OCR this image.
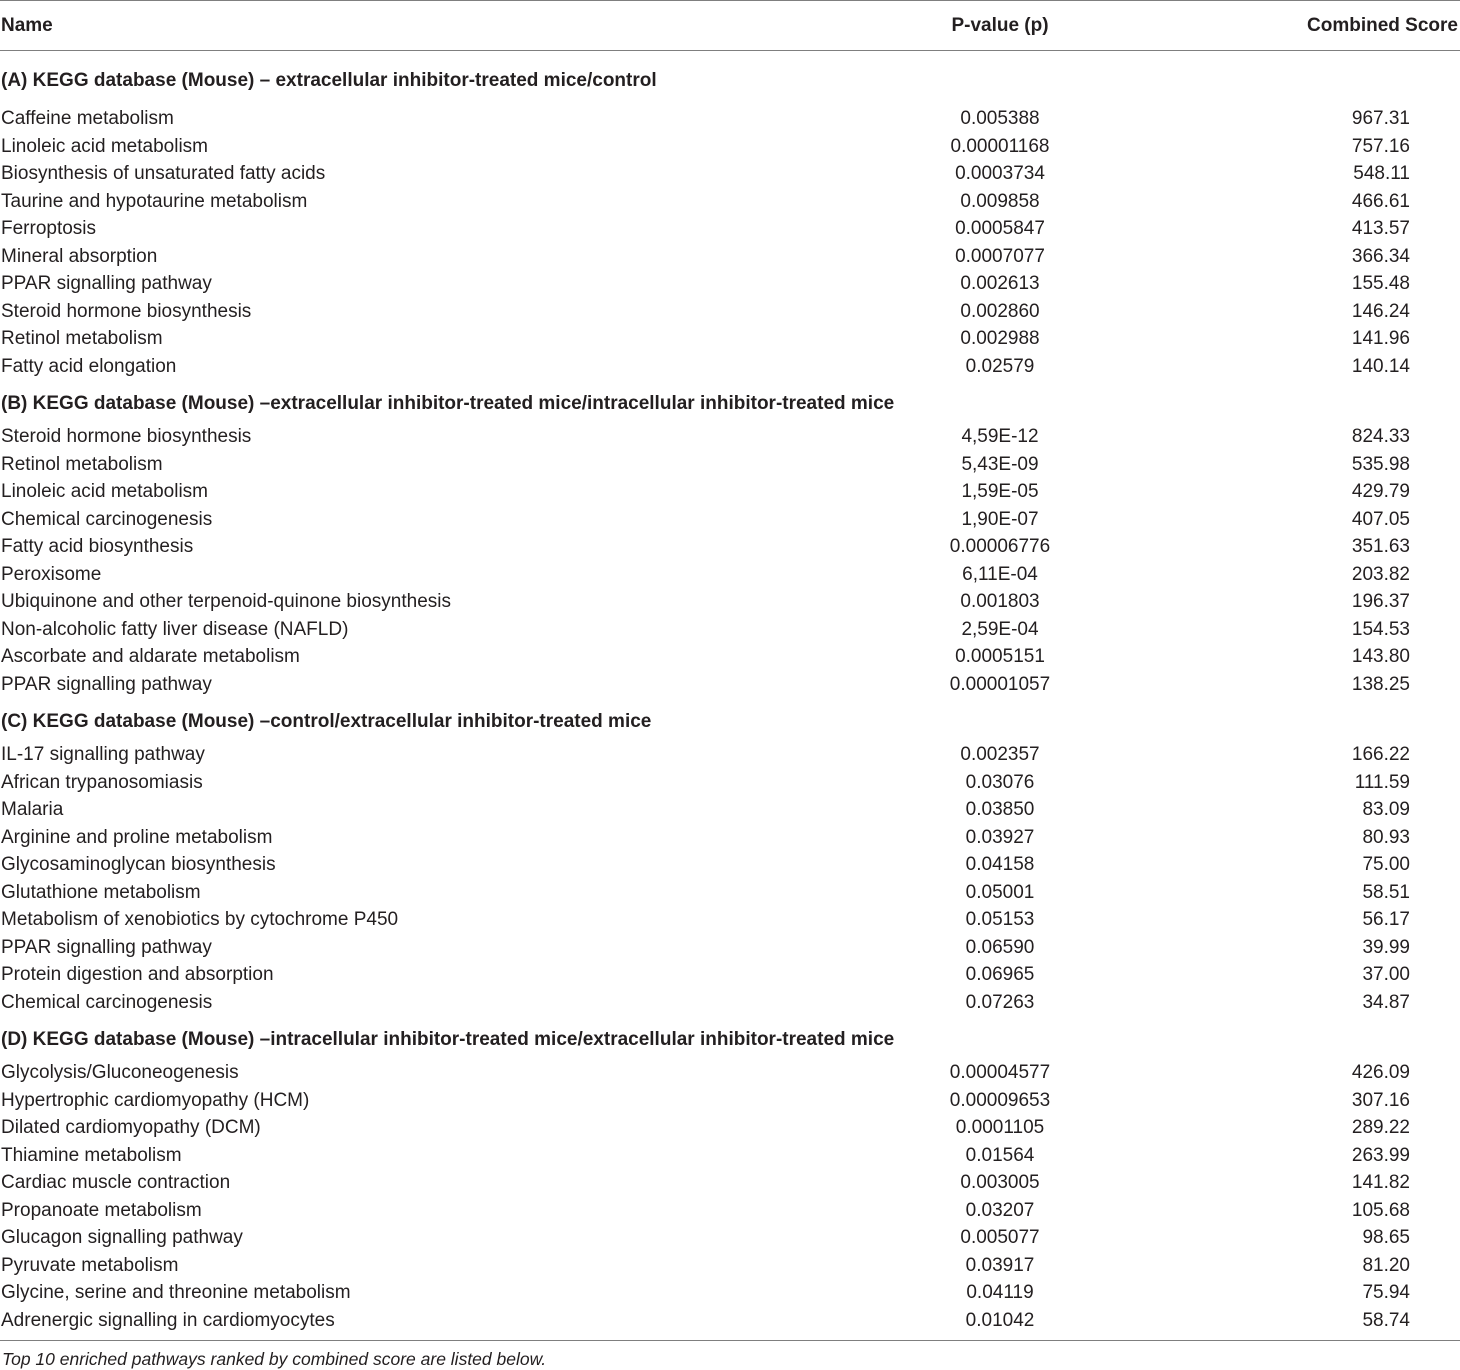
Name	P-value (p)	Combined Score
(A) KEGG database (Mouse) – extracellular inhibitor-treated mice/control		
Caffeine metabolism	0.005388	967.31
Linoleic acid metabolism	0.00001168	757.16
Biosynthesis of unsaturated fatty acids	0.0003734	548.11
Taurine and hypotaurine metabolism	0.009858	466.61
Ferroptosis	0.0005847	413.57
Mineral absorption	0.0007077	366.34
PPAR signalling pathway	0.002613	155.48
Steroid hormone biosynthesis	0.002860	146.24
Retinol metabolism	0.002988	141.96
Fatty acid elongation	0.02579	140.14
(B) KEGG database (Mouse) –extracellular inhibitor-treated mice/intracellular inhibitor-treated mice		
Steroid hormone biosynthesis	4,59E-12	824.33
Retinol metabolism	5,43E-09	535.98
Linoleic acid metabolism	1,59E-05	429.79
Chemical carcinogenesis	1,90E-07	407.05
Fatty acid biosynthesis	0.00006776	351.63
Peroxisome	6,11E-04	203.82
Ubiquinone and other terpenoid-quinone biosynthesis	0.001803	196.37
Non-alcoholic fatty liver disease (NAFLD)	2,59E-04	154.53
Ascorbate and aldarate metabolism	0.0005151	143.80
PPAR signalling pathway	0.00001057	138.25
(C) KEGG database (Mouse) –control/extracellular inhibitor-treated mice		
IL-17 signalling pathway	0.002357	166.22
African trypanosomiasis	0.03076	111.59
Malaria	0.03850	83.09
Arginine and proline metabolism	0.03927	80.93
Glycosaminoglycan biosynthesis	0.04158	75.00
Glutathione metabolism	0.05001	58.51
Metabolism of xenobiotics by cytochrome P450	0.05153	56.17
PPAR signalling pathway	0.06590	39.99
Protein digestion and absorption	0.06965	37.00
Chemical carcinogenesis	0.07263	34.87
(D) KEGG database (Mouse) –intracellular inhibitor-treated mice/extracellular inhibitor-treated mice		
Glycolysis/Gluconeogenesis	0.00004577	426.09
Hypertrophic cardiomyopathy (HCM)	0.00009653	307.16
Dilated cardiomyopathy (DCM)	0.0001105	289.22
Thiamine metabolism	0.01564	263.99
Cardiac muscle contraction	0.003005	141.82
Propanoate metabolism	0.03207	105.68
Glucagon signalling pathway	0.005077	98.65
Pyruvate metabolism	0.03917	81.20
Glycine, serine and threonine metabolism	0.04119	75.94
Adrenergic signalling in cardiomyocytes	0.01042	58.74
Top 10 enriched pathways ranked by combined score are listed below.
